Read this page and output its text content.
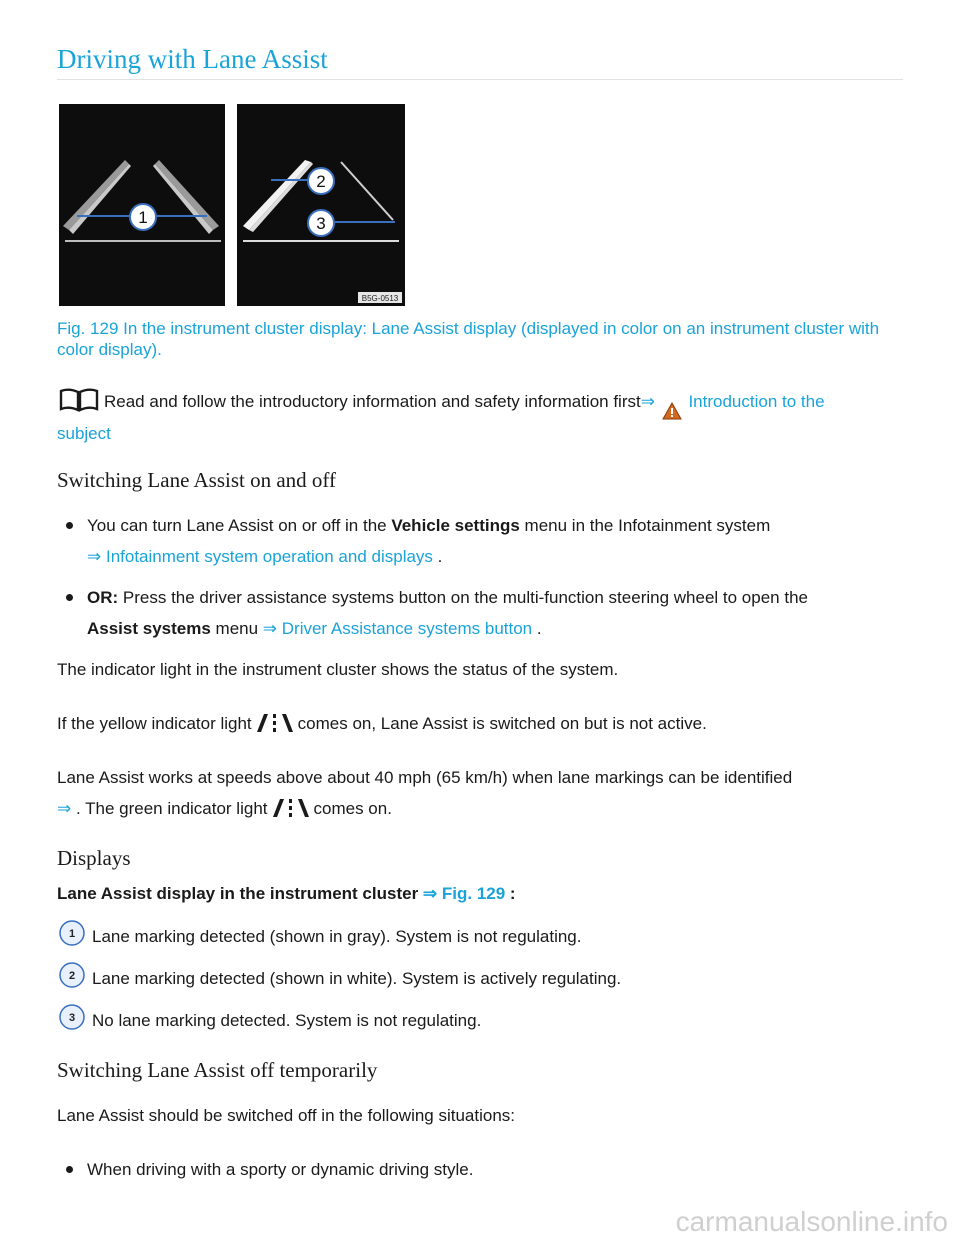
Driving with Lane Assist
1
2
3
B5G-0513

Fig. 129 In the instrument cluster display: Lane Assist display (displayed in color on an instrument cluster with color display).

Read and follow the introductory information and safety information first⇒ Introduction to the

subject

Switching Lane Assist on and off

You can turn Lane Assist on or off in the Vehicle settings menu in the Infotainment system
⇒ Infotainment system operation and displays .

OR: Press the driver assistance systems button on the multi-function steering wheel to open the
Assist systems menu ⇒ Driver Assistance systems button .

The indicator light in the instrument cluster shows the status of the system.

If the yellow indicator light	comes on, Lane Assist is switched on but is not active.

Lane Assist works at speeds above about 40 mph (65 km/h) when lane markings can be identified
⇒ . The green indicator light	comes on.

Displays

Lane Assist display in the instrument cluster ⇒ Fig. 129 :

1 Lane marking detected (shown in gray). System is not regulating.

2 Lane marking detected (shown in white). System is actively regulating.

3 No lane marking detected. System is not regulating.

Switching Lane Assist off temporarily

Lane Assist should be switched off in the following situations:

When driving with a sporty or dynamic driving style.

carmanualsonline.info
